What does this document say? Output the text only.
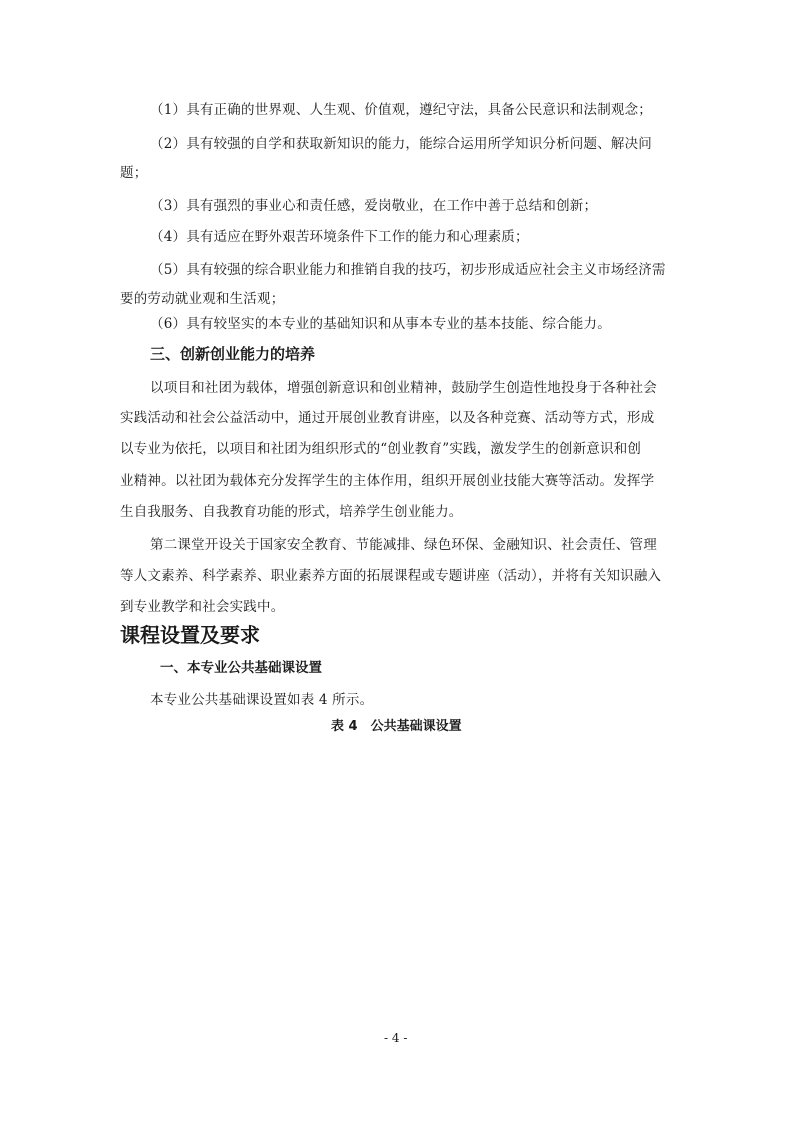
（1）具有正确的世界观、人生观、价值观，遵纪守法，具备公民意识和法制观念；
（2）具有较强的自学和获取新知识的能力，能综合运用所学知识分析问题、解决问
题；
（3）具有强烈的事业心和责任感，爱岗敬业，在工作中善于总结和创新；
（4）具有适应在野外艰苦环境条件下工作的能力和心理素质；
（5）具有较强的综合职业能力和推销自我的技巧，初步形成适应社会主义市场经济需
要的劳动就业观和生活观；
（6）具有较坚实的本专业的基础知识和从事本专业的基本技能、综合能力。
三、创新创业能力的培养
以项目和社团为载体，增强创新意识和创业精神，鼓励学生创造性地投身于各种社会
实践活动和社会公益活动中，通过开展创业教育讲座，以及各种竞赛、活动等方式，形成
以专业为依托，以项目和社团为组织形式的“创业教育”实践，激发学生的创新意识和创
业精神。以社团为载体充分发挥学生的主体作用，组织开展创业技能大赛等活动。发挥学
生自我服务、自我教育功能的形式，培养学生创业能力。
第二课堂开设关于国家安全教育、节能减排、绿色环保、金融知识、社会责任、管理
等人文素养、科学素养、职业素养方面的拓展课程或专题讲座（活动），并将有关知识融入
到专业教学和社会实践中。
课程设置及要求
一、本专业公共基础课设置
本专业公共基础课设置如表 4 所示。
表 4　公共基础课设置
- 4 -
